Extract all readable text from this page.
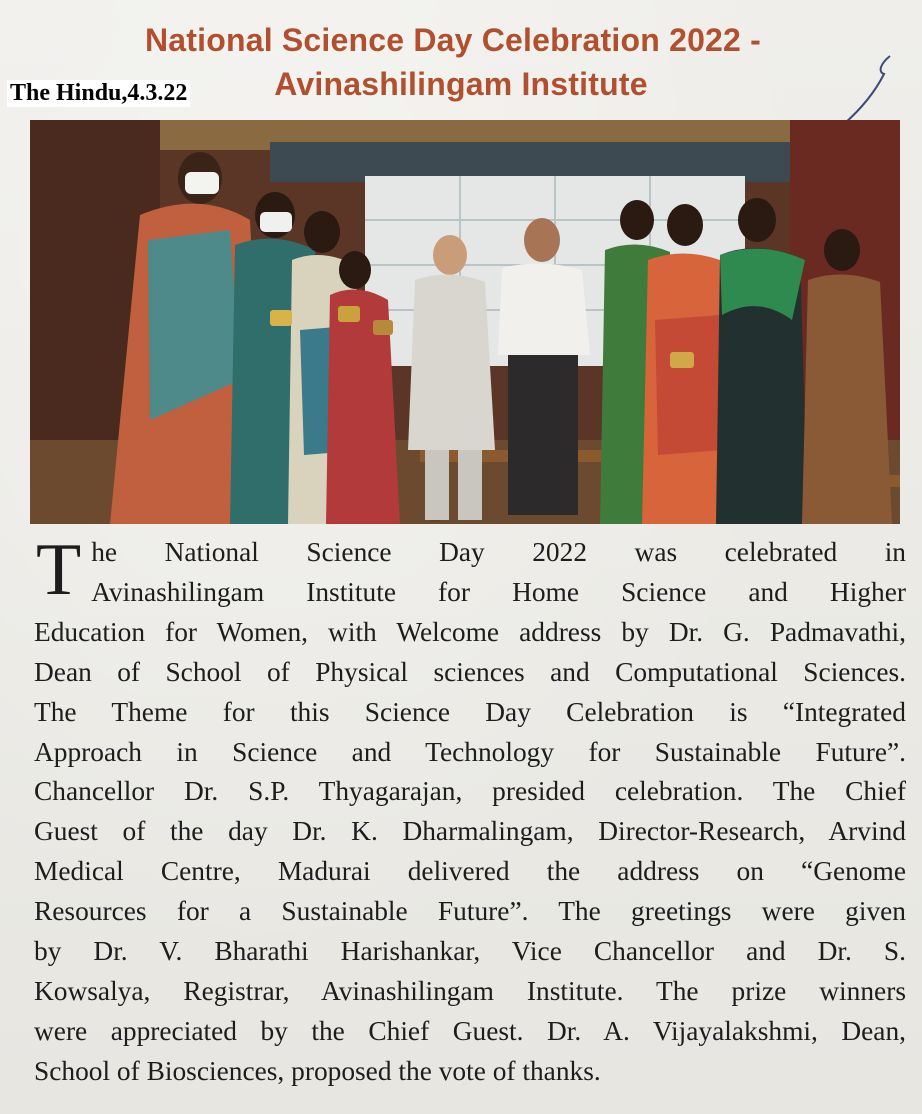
National Science Day Celebration 2022 -
Avinashilingam Institute
The Hindu,4.3.22
T he National Science Day 2022 was celebrated in
Avinashilingam Institute for Home Science and Higher
Education for Women, with Welcome address by Dr. G. Padmavathi,
Dean of School of Physical sciences and Computational Sciences.
The Theme for this Science Day Celebration is “Integrated
Approach in Science and Technology for Sustainable Future”.
Chancellor Dr. S.P. Thyagarajan, presided celebration. The Chief
Guest of the day Dr. K. Dharmalingam, Director-Research, Arvind
Medical Centre, Madurai delivered the address on “Genome
Resources for a Sustainable Future”. The greetings were given
by Dr. V. Bharathi Harishankar, Vice Chancellor and Dr. S.
Kowsalya, Registrar, Avinashilingam Institute. The prize winners
were appreciated by the Chief Guest. Dr. A. Vijayalakshmi, Dean,
School of Biosciences, proposed the vote of thanks.
